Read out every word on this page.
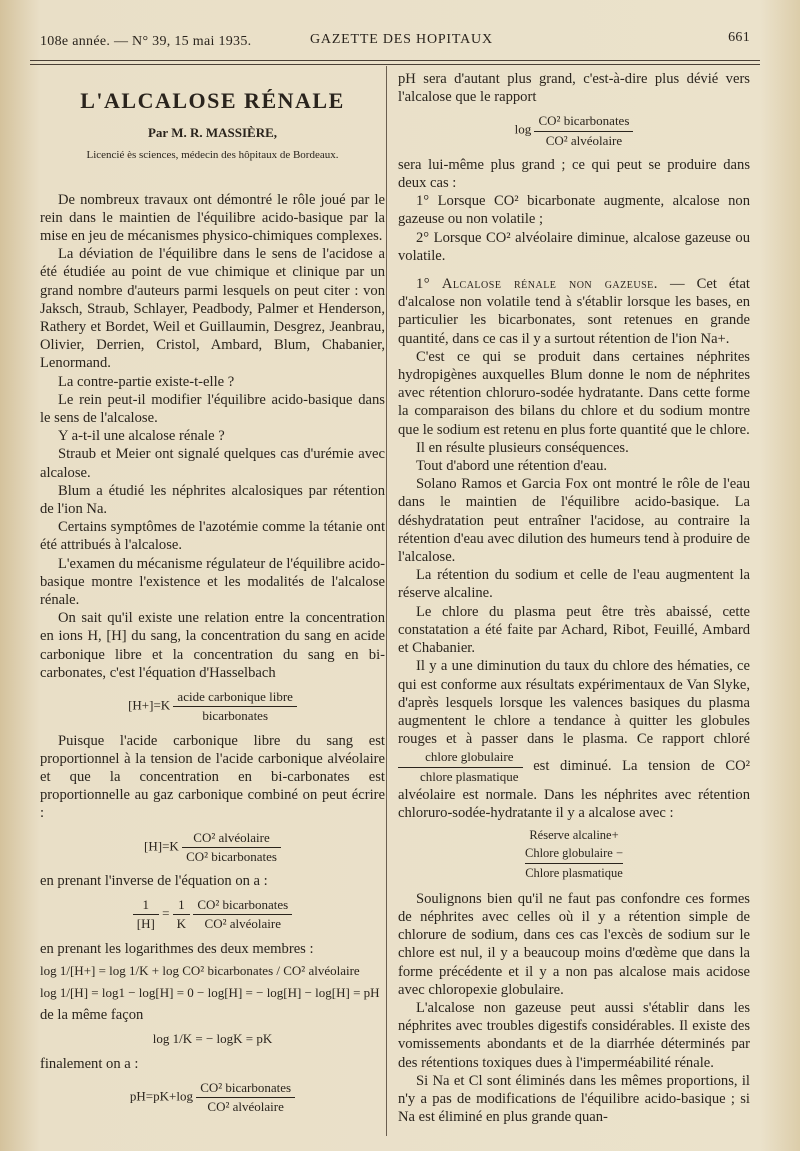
108e année. — N° 39, 15 mai 1935.	GAZETTE DES HOPITAUX	661
L'ALCALOSE RÉNALE
Par M. R. MASSIÈRE,
Licencié ès sciences, médecin des hôpitaux de Bordeaux.

De nombreux travaux ont démontré le rôle joué par le rein dans le maintien de l'équilibre acido-basique par la mise en jeu de mécanismes physico-chimiques complexes.

La déviation de l'équilibre dans le sens de l'acidose a été étudiée au point de vue chimique et clinique par un grand nombre d'auteurs parmi lesquels on peut citer : von Jaksch, Straub, Schlayer, Peadbody, Palmer et Henderson, Rathery et Bordet, Weil et Guillaumin, Desgrez, Jeanbrau, Olivier, Derrien, Cristol, Ambard, Blum, Chabanier, Lenormand.

La contre-partie existe-t-elle ?

Le rein peut-il modifier l'équilibre acido-basique dans le sens de l'alcalose.

Y a-t-il une alcalose rénale ?

Straub et Meier ont signalé quelques cas d'urémie avec alcalose.

Blum a étudié les néphrites alcalosiques par rétention de l'ion Na.

Certains symptômes de l'azotémie comme la tétanie ont été attribués à l'alcalose.

L'examen du mécanisme régulateur de l'équilibre acido-basique montre l'existence et les modalités de l'alcalose rénale.

On sait qu'il existe une relation entre la concentration en ions H, [H] du sang, la concentration du sang en acide carbonique libre et la concentration du sang en bi-carbonates, c'est l'équation d'Hasselbach

$[H+]=K \frac{\text{acide carbonique libre}}{\text{bicarbonates}}$

Puisque l'acide carbonique libre du sang est proportionnel à la tension de l'acide carbonique alvéolaire et que la concentration en bi-carbonates est proportionnelle au gaz carbonique combiné on peut écrire :

$[H]=K \frac{\text{CO² alvéolaire}}{\text{CO² bicarbonates}}$

en prenant l'inverse de l'équation on a :

$\frac{1}{[H]} = \frac{1}{K}$
$\frac{\text{CO² bicarbonates}}{\text{CO² alvéolaire}}$

en prenant les logarithmes des deux membres :

log 1/[H+] = log 1/K + log CO² bicarbonates / CO² alvéolaire
log 1/[H] = log1 − log[H] = 0 − log[H] = − log[H] − log[H] = pH

de la même façon

log 1/K = − logK = pK

finalement on a :

$pH=pK+\log \frac{\text{CO² bicarbonates}}{\text{CO² alvéolaire}}$

pH sera d'autant plus grand, c'est-à-dire plus dévié vers l'alcalose que le rapport

$\log \frac{\text{CO² bicarbonates}}{\text{CO² alvéolaire}}$

sera lui-même plus grand ; ce qui peut se produire dans deux cas :

1° Lorsque CO² bicarbonate augmente, alcalose non gazeuse ou non volatile ;

2° Lorsque CO² alvéolaire diminue, alcalose gazeuse ou volatile.

1° Alcalose rénale non gazeuse. — Cet état d'alcalose non volatile tend à s'établir lorsque les bases, en particulier les bicarbonates, sont retenues en grande quantité, dans ce cas il y a surtout rétention de l'ion Na+.

C'est ce qui se produit dans certaines néphrites hydropigènes auxquelles Blum donne le nom de néphrites avec rétention chloruro-sodée hydratante. Dans cette forme la comparaison des bilans du chlore et du sodium montre que le sodium est retenu en plus forte quantité que le chlore.

Il en résulte plusieurs conséquences.

Tout d'abord une rétention d'eau.

Solano Ramos et Garcia Fox ont montré le rôle de l'eau dans le maintien de l'équilibre acido-basique. La déshydratation peut entraîner l'acidose, au contraire la rétention d'eau avec dilution des humeurs tend à produire de l'alcalose.

La rétention du sodium et celle de l'eau augmentent la réserve alcaline.

Le chlore du plasma peut être très abaissé, cette constatation a été faite par Achard, Ribot, Feuillé, Ambard et Chabanier.

Il y a une diminution du taux du chlore des hématies, ce qui est conforme aux résultats expérimentaux de Van Slyke, d'après lesquels lorsque les valences basiques du plasma augmentent le chlore a tendance à quitter les globules rouges et à passer dans le plasma. Ce rapport chloré
$\frac{\text{chlore globulaire}}{\text{chlore plasmatique}}$ est diminué. La tension de CO² alvéolaire est normale. Dans les néphrites avec rétention chloruro-sodée-hydratante il y a alcalose avec :

Réserve alcaline+
Chlore globulaire −
Chlore plasmatique

Soulignons bien qu'il ne faut pas confondre ces formes de néphrites avec celles où il y a rétention simple de chlorure de sodium, dans ces cas l'excès de sodium sur le chlore est nul, il y a beaucoup moins d'œdème que dans la forme précédente et il y a non pas alcalose mais acidose avec chloropexie globulaire.

L'alcalose non gazeuse peut aussi s'établir dans les néphrites avec troubles digestifs considérables. Il existe des vomissements abondants et de la diarrhée déterminés par des rétentions toxiques dues à l'imperméabilité rénale.

Si Na et Cl sont éliminés dans les mêmes proportions, il n'y a pas de modifications de l'équilibre acido-basique ; si Na est éliminé en plus grande quan-
